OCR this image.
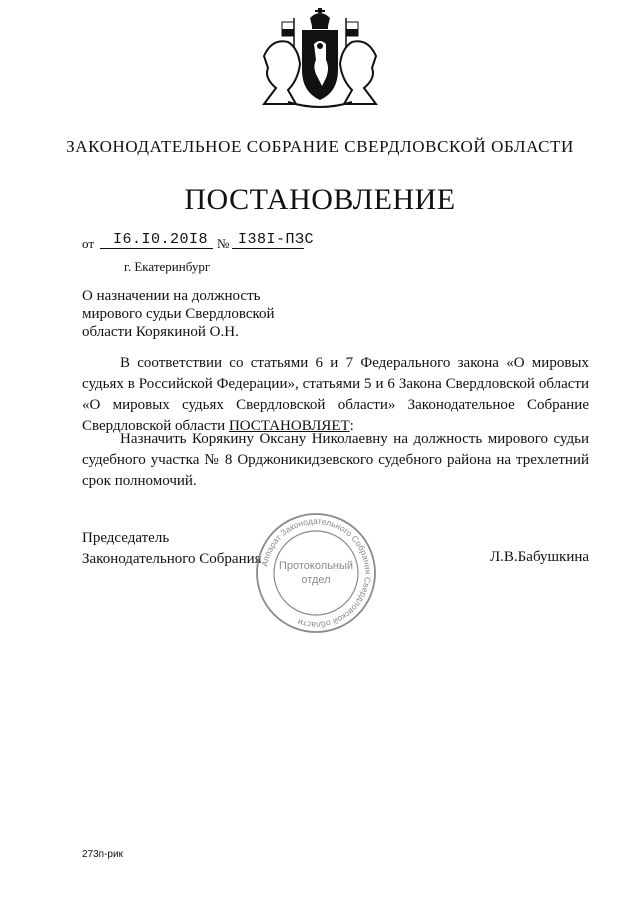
ЗАКОНОДАТЕЛЬНОЕ СОБРАНИЕ СВЕРДЛОВСКОЙ ОБЛАСТИ
ПОСТАНОВЛЕНИЕ
от I6.I0.20I8 № I38I-ПЗС
г. Екатеринбург
О назначении на должность
мирового судьи Свердловской
области Корякиной О.Н.
В соответствии со статьями 6 и 7 Федерального закона «О мировых судьях в Российской Федерации», статьями 5 и 6 Закона Свердловской области «О мировых судьях Свердловской области» Законодательное Собрание Свердловской области ПОСТАНОВЛЯЕТ:
Назначить Корякину Оксану Николаевну на должность мирового судьи судебного участка № 8 Орджоникидзевского судебного района на трехлетний срок полномочий.
Председатель
Законодательного Собрания	Л.В.Бабушкина
Аппарат Законодательного Собрания Свердловской области
Протокольный
отдел
273п-рик
